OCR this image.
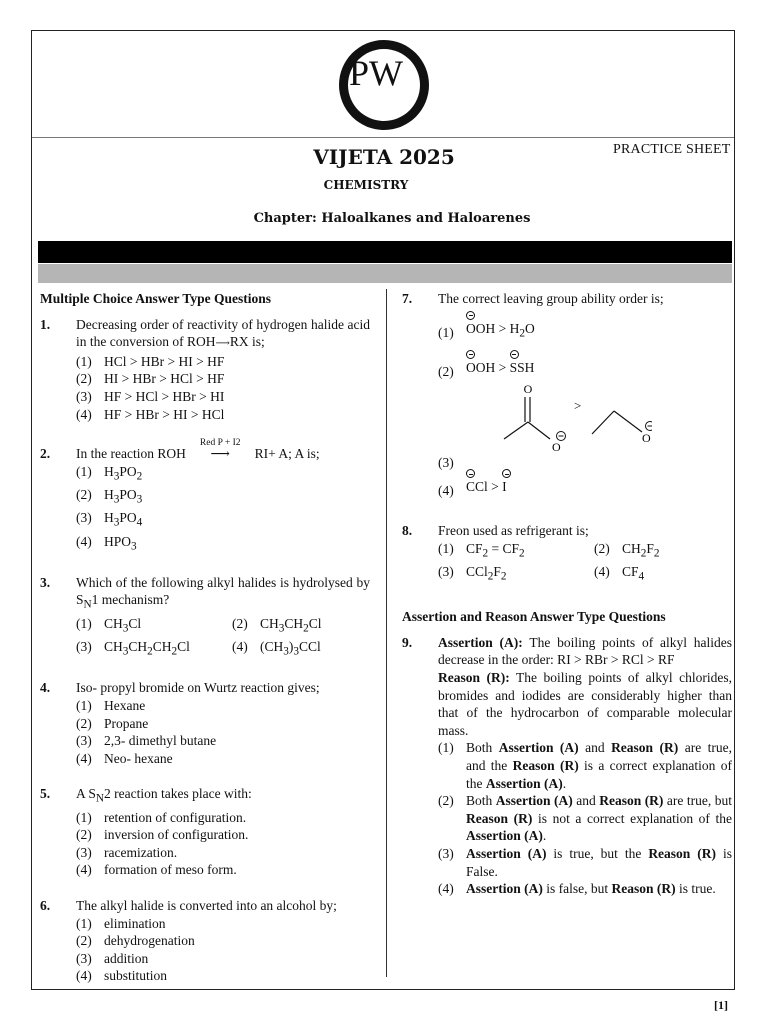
PW
VIJETA 2025	PRACTICE SHEET
CHEMISTRY
Chapter: Haloalkanes and Haloarenes
Multiple Choice Answer Type Questions
1. Decreasing order of reactivity of hydrogen halide acid in the conversion of ROH⟶RX is;
(1) HCl > HBr > HI > HF
(2) HI > HBr > HCl > HF
(3) HF > HCl > HBr > HI
(4) HF > HBr > HI > HCl
2. In the reaction ROH
Red P + I2
⟶ RI+ A; A is;
(1) $H_3PO_2$
(2) $H_3PO_3$
(3) $H_3PO_4$
(4) $HPO_3$
3. Which of the following alkyl halides is hydrolysed by $S_N1$ mechanism?
(1) $CH_3Cl$	(2) $CH_3CH_2Cl$
(3) $CH_3CH_2CH_2Cl$	(4) $(CH_3)_3CCl$
4. Iso- propyl bromide on Wurtz reaction gives;
(1) Hexane
(2) Propane
(3) 2,3- dimethyl butane
(4) Neo- hexane
5. A $S_N2$ reaction takes place with:
(1) retention of configuration.
(2) inversion of configuration.
(3) racemization.
(4) formation of meso form.
6. The alkyl halide is converted into an alcohol by;
(1) elimination
(2) dehydrogenation
(3) addition
(4) substitution
7. The correct leaving group ability order is;
(1) OOH > $H_2O$
(2) OOH >
SSH
(3)
O
O
>
O
(4) CCl >
I
8. Freon used as refrigerant is;
(1) $CF_2 = CF_2$	(2) $CH_2F_2$
(3) $CCl_2F_2$	(4) $CF_4$
Assertion and Reason Answer Type Questions
9. Assertion (A): The boiling points of alkyl halides decrease in the order: RI > RBr > RCl > RF
Reason (R): The boiling points of alkyl chlorides, bromides and iodides are considerably higher than that of the hydrocarbon of comparable molecular mass.
(1) Both Assertion (A) and Reason (R) are true, and the Reason (R) is a correct explanation of the Assertion (A).
(2) Both Assertion (A) and Reason (R) are true, but Reason (R) is not a correct explanation of the Assertion (A).
(3) Assertion (A) is true, but the Reason (R) is False.
(4) Assertion (A) is false, but Reason (R) is true.
[1]
